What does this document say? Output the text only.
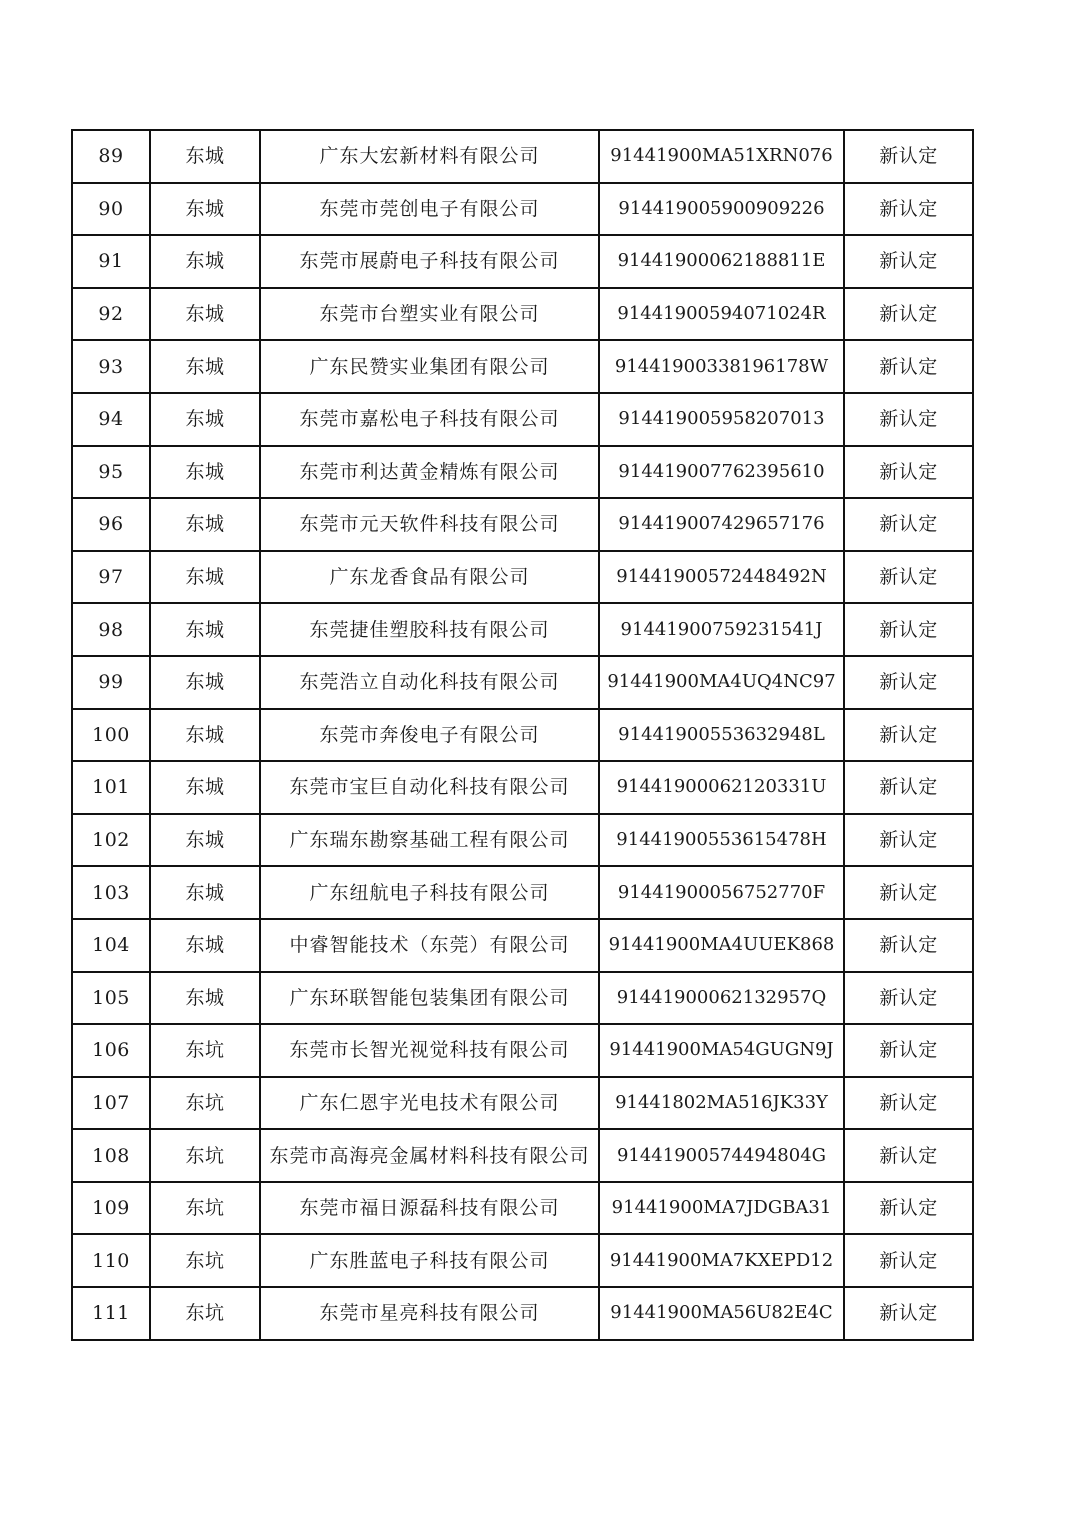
89	东城	广东大宏新材料有限公司	91441900MA51XRN076	新认定
90	东城	东莞市莞创电子有限公司	914419005900909226	新认定
91	东城	东莞市展蔚电子科技有限公司	91441900062188811E	新认定
92	东城	东莞市台塑实业有限公司	91441900594071024R	新认定
93	东城	广东民赞实业集团有限公司	91441900338196178W	新认定
94	东城	东莞市嘉松电子科技有限公司	914419005958207013	新认定
95	东城	东莞市利达黄金精炼有限公司	914419007762395610	新认定
96	东城	东莞市元天软件科技有限公司	914419007429657176	新认定
97	东城	广东龙香食品有限公司	91441900572448492N	新认定
98	东城	东莞捷佳塑胶科技有限公司	91441900759231541J	新认定
99	东城	东莞浩立自动化科技有限公司	91441900MA4UQ4NC97	新认定
100	东城	东莞市奔俊电子有限公司	91441900553632948L	新认定
101	东城	东莞市宝巨自动化科技有限公司	91441900062120331U	新认定
102	东城	广东瑞东勘察基础工程有限公司	91441900553615478H	新认定
103	东城	广东纽航电子科技有限公司	91441900056752770F	新认定
104	东城	中睿智能技术（东莞）有限公司	91441900MA4UUEK868	新认定
105	东城	广东环联智能包装集团有限公司	91441900062132957Q	新认定
106	东坑	东莞市长智光视觉科技有限公司	91441900MA54GUGN9J	新认定
107	东坑	广东仁恩宇光电技术有限公司	91441802MA516JK33Y	新认定
108	东坑	东莞市高海亮金属材料科技有限公司	91441900574494804G	新认定
109	东坑	东莞市福日源磊科技有限公司	91441900MA7JDGBA31	新认定
110	东坑	广东胜蓝电子科技有限公司	91441900MA7KXEPD12	新认定
111	东坑	东莞市星亮科技有限公司	91441900MA56U82E4C	新认定
